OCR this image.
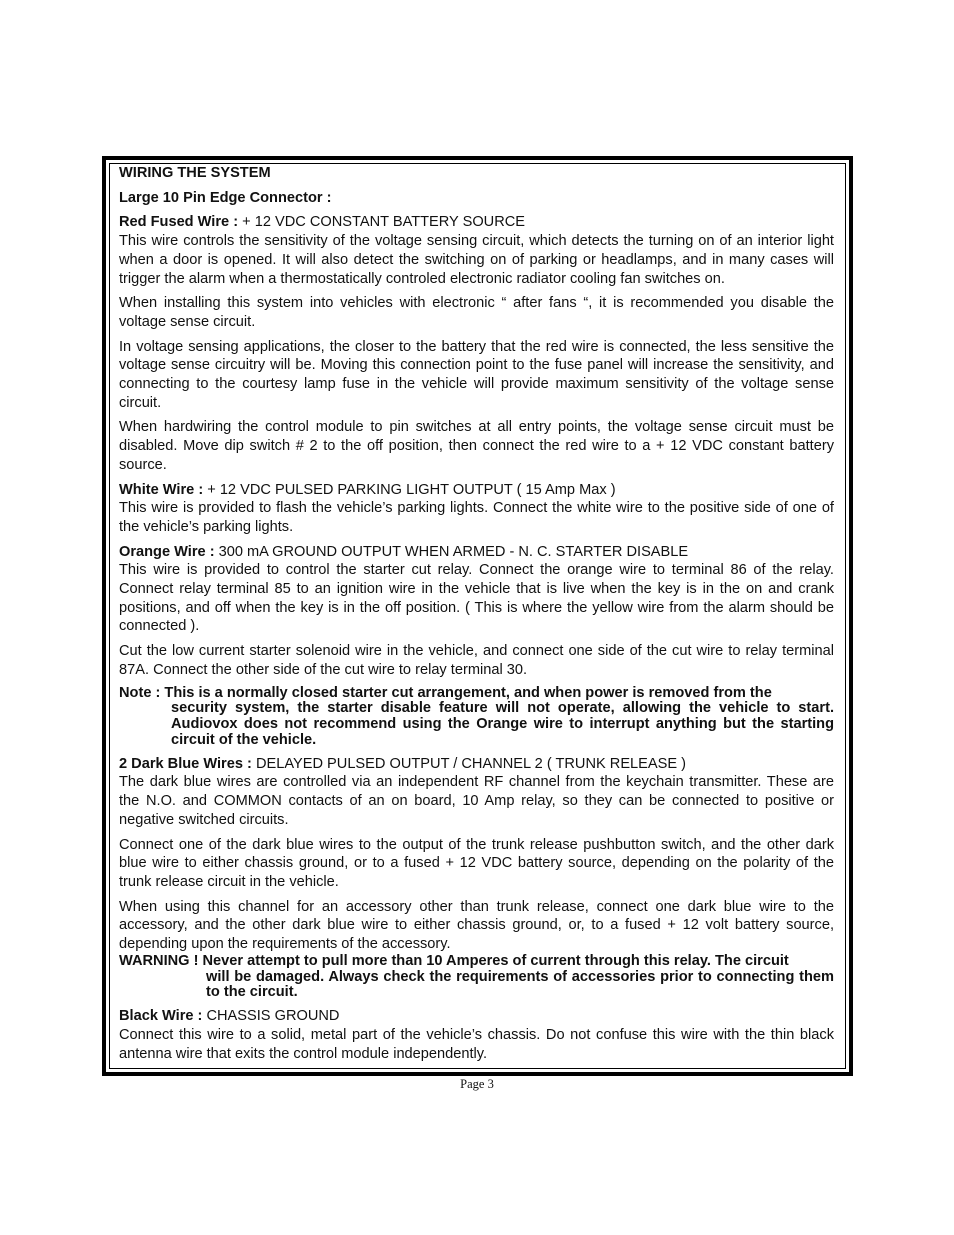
WIRING THE SYSTEM

Large 10 Pin Edge Connector :

Red Fused Wire : + 12 VDC CONSTANT BATTERY SOURCE

This wire controls the sensitivity of the voltage sensing circuit, which detects the turning on of an interior light when a door is opened. It will also detect the switching on of parking or headlamps, and in many cases will trigger the alarm when a thermostatically controled electronic radiator cooling fan switches on.

When installing this system into vehicles with electronic “ after fans “, it is recommended you disable the voltage sense circuit.

In voltage sensing applications, the closer to the battery that the red wire is connected, the less sensitive the voltage sense circuitry will be. Moving this connection point to the fuse panel will increase the sensitivity, and connecting to the courtesy lamp fuse in the vehicle will provide maximum sensitivity of the voltage sense circuit.

When hardwiring the control module to pin switches at all entry points, the voltage sense circuit must be disabled. Move dip switch # 2 to the off position, then connect the red wire to a + 12 VDC constant battery source.

White Wire : + 12 VDC PULSED PARKING LIGHT OUTPUT ( 15 Amp Max )

This wire is provided to flash the vehicle’s parking lights. Connect the white wire to the positive side of one of the vehicle’s parking lights.

Orange Wire : 300 mA GROUND OUTPUT WHEN ARMED - N. C. STARTER DISABLE

This wire is provided to control the starter cut relay. Connect the orange wire to terminal 86 of the relay. Connect relay terminal 85 to an ignition wire in the vehicle that is live when the key is in the on and crank positions, and off when the key is in the off position. ( This is where the yellow wire from the alarm should be connected ).

Cut the low current starter solenoid wire in the vehicle, and connect one side of the cut wire to relay terminal 87A. Connect the other side of the cut wire to relay terminal 30.

Note : This is a normally closed starter cut arrangement, and when power is removed from the
security system, the starter disable feature will not operate, allowing the vehicle to start. Audiovox does not recommend using the Orange wire to interrupt anything but the starting circuit of the vehicle.

2 Dark Blue Wires : DELAYED PULSED OUTPUT / CHANNEL 2 ( TRUNK RELEASE )

The dark blue wires are controlled via an independent RF channel from the keychain transmitter. These are the N.O. and COMMON contacts of an on board, 10 Amp relay, so they can be connected to positive or negative switched circuits.

Connect one of the dark blue wires to the output of the trunk release pushbutton switch, and the other dark blue wire to either chassis ground, or to a fused + 12 VDC battery source, depending on the polarity of the trunk release circuit in the vehicle.

When using this channel for an accessory other than trunk release, connect one dark blue wire to the accessory, and the other dark blue wire to either chassis ground, or, to a fused + 12 volt battery source, depending upon the requirements of the accessory.

WARNING ! Never attempt to pull more than 10 Amperes of current through this relay. The circuit
will be damaged. Always check the requirements of accessories prior to connecting them to the circuit.

Black Wire : CHASSIS GROUND

Connect this wire to a solid, metal part of the vehicle’s chassis. Do not confuse this wire with the thin black antenna wire that exits the control module independently.

Page 3
